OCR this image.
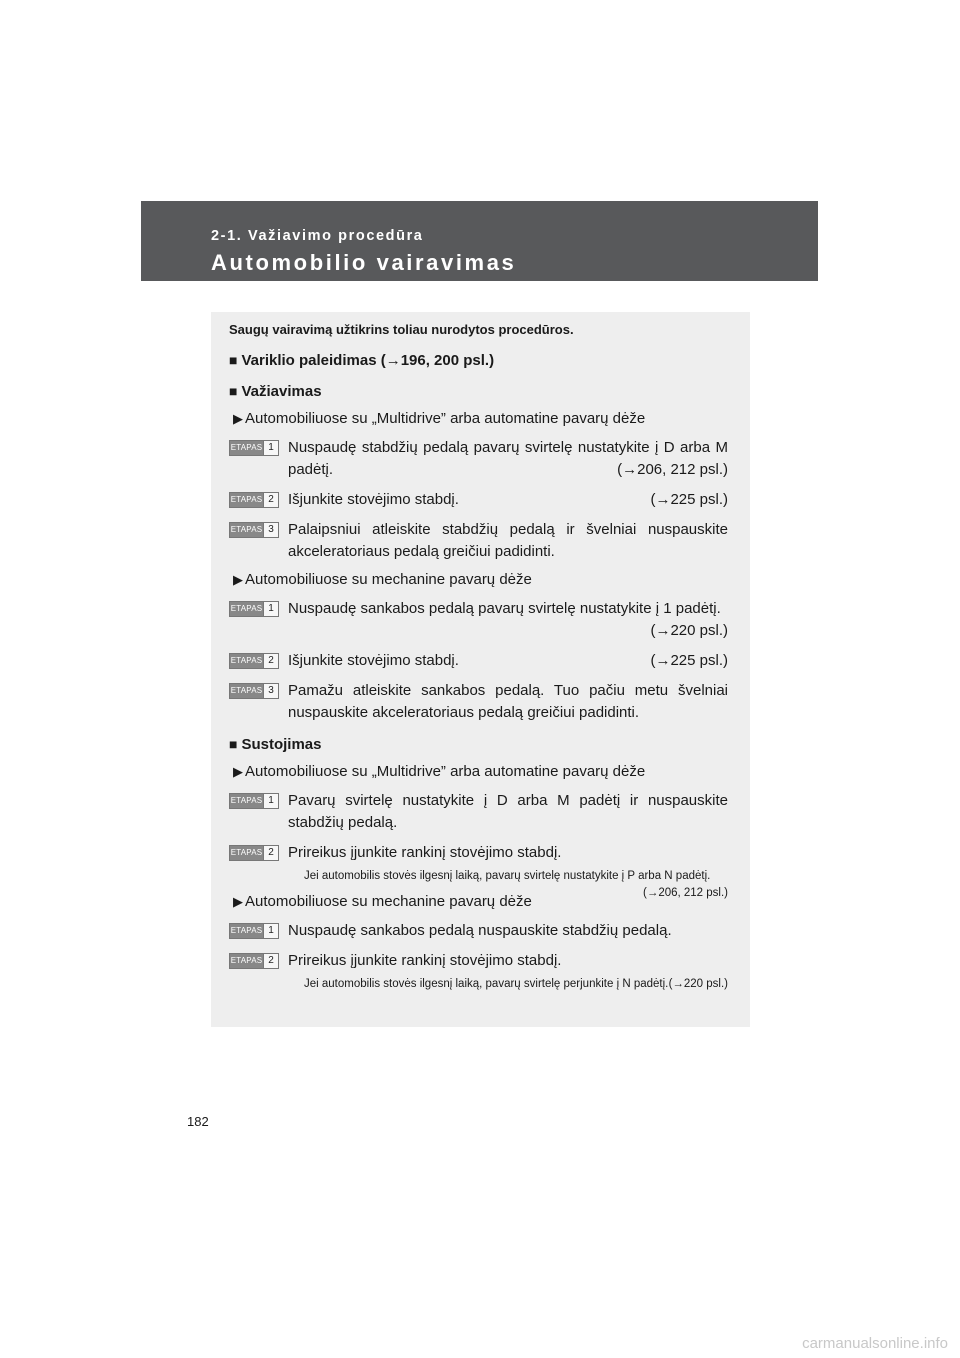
2-1. Važiavimo procedūra
Automobilio vairavimas
Saugų vairavimą užtikrins toliau nurodytos procedūros.
■ Variklio paleidimas (→196, 200 psl.)
■ Važiavimas
▶ Automobiliuose su „Multidrive” arba automatine pavarų dėže
ETAPAS 1 Nuspaudę stabdžių pedalą pavarų svirtelę nustatykite į D arba M padėtį.	(→206, 212 psl.)
ETAPAS 2 Išjunkite stovėjimo stabdį.	(→225 psl.)
ETAPAS 3 Palaipsniui atleiskite stabdžių pedalą ir švelniai nuspauskite akceleratoriaus pedalą greičiui padidinti.
▶ Automobiliuose su mechanine pavarų dėže
ETAPAS 1 Nuspaudę sankabos pedalą pavarų svirtelę nustatykite į 1 padėtį.
(→220 psl.)
ETAPAS 2 Išjunkite stovėjimo stabdį.	(→225 psl.)
ETAPAS 3 Pamažu atleiskite sankabos pedalą. Tuo pačiu metu švelniai nuspauskite akceleratoriaus pedalą greičiui padidinti.
■ Sustojimas
▶ Automobiliuose su „Multidrive” arba automatine pavarų dėže
ETAPAS 1 Pavarų svirtelę nustatykite į D arba M padėtį ir nuspauskite stabdžių pedalą.
ETAPAS 2 Prireikus įjunkite rankinį stovėjimo stabdį.
Jei automobilis stovės ilgesnį laiką, pavarų svirtelę nustatykite į P arba N padėtį.
(→206, 212 psl.)
▶ Automobiliuose su mechanine pavarų dėže
ETAPAS 1 Nuspaudę sankabos pedalą nuspauskite stabdžių pedalą.
ETAPAS 2 Prireikus įjunkite rankinį stovėjimo stabdį.
Jei automobilis stovės ilgesnį laiką, pavarų svirtelę perjunkite į N padėtį. (→220 psl.)
182
carmanualsonline.info
